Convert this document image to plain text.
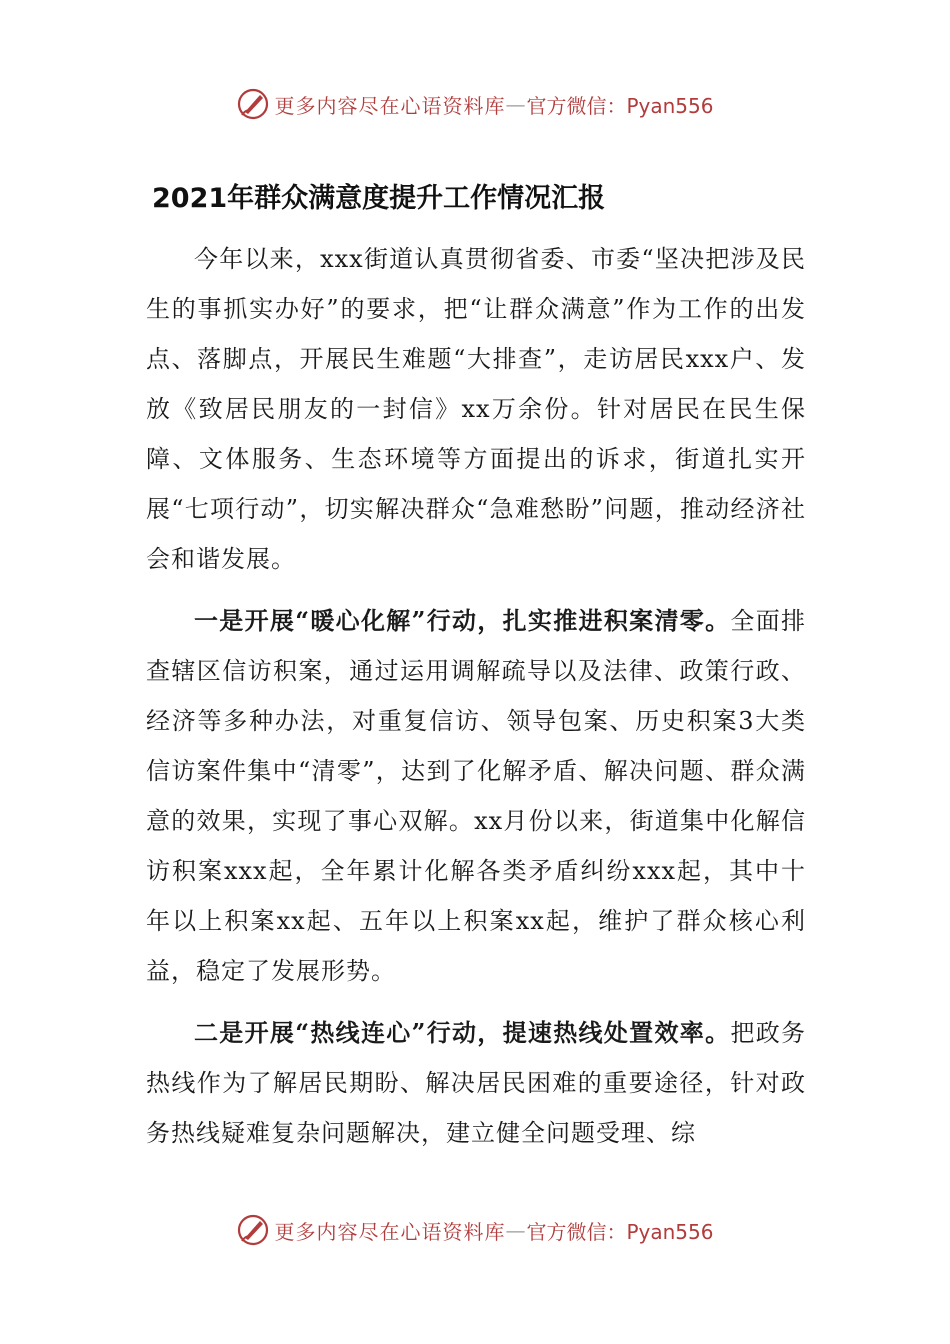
更多内容尽在心语资料库 — 官方微信：Pyan556
2021年群众满意度提升工作情况汇报

今年以来，xxx街道认真贯彻省委、市委“坚决把涉及民生的事抓实办好”的要求，把“让群众满意”作为工作的出发点、落脚点，开展民生难题“大排查”，走访居民xxx户、发放《致居民朋友的一封信》xx万余份。针对居民在民生保障、文体服务、生态环境等方面提出的诉求，街道扎实开展“七项行动”，切实解决群众“急难愁盼”问题，推动经济社会和谐发展。

一是开展“暖心化解”行动，扎实推进积案清零。全面排查辖区信访积案，通过运用调解疏导以及法律、政策行政、经济等多种办法，对重复信访、领导包案、历史积案3大类信访案件集中“清零”，达到了化解矛盾、解决问题、群众满意的效果，实现了事心双解。xx月份以来，街道集中化解信访积案xxx起，全年累计化解各类矛盾纠纷xxx起，其中十年以上积案xx起、五年以上积案xx起，维护了群众核心利益，稳定了发展形势。

二是开展“热线连心”行动，提速热线处置效率。把政务热线作为了解居民期盼、解决居民困难的重要途径，针对政务热线疑难复杂问题解决，建立健全问题受理、综

更多内容尽在心语资料库 — 官方微信：Pyan556
